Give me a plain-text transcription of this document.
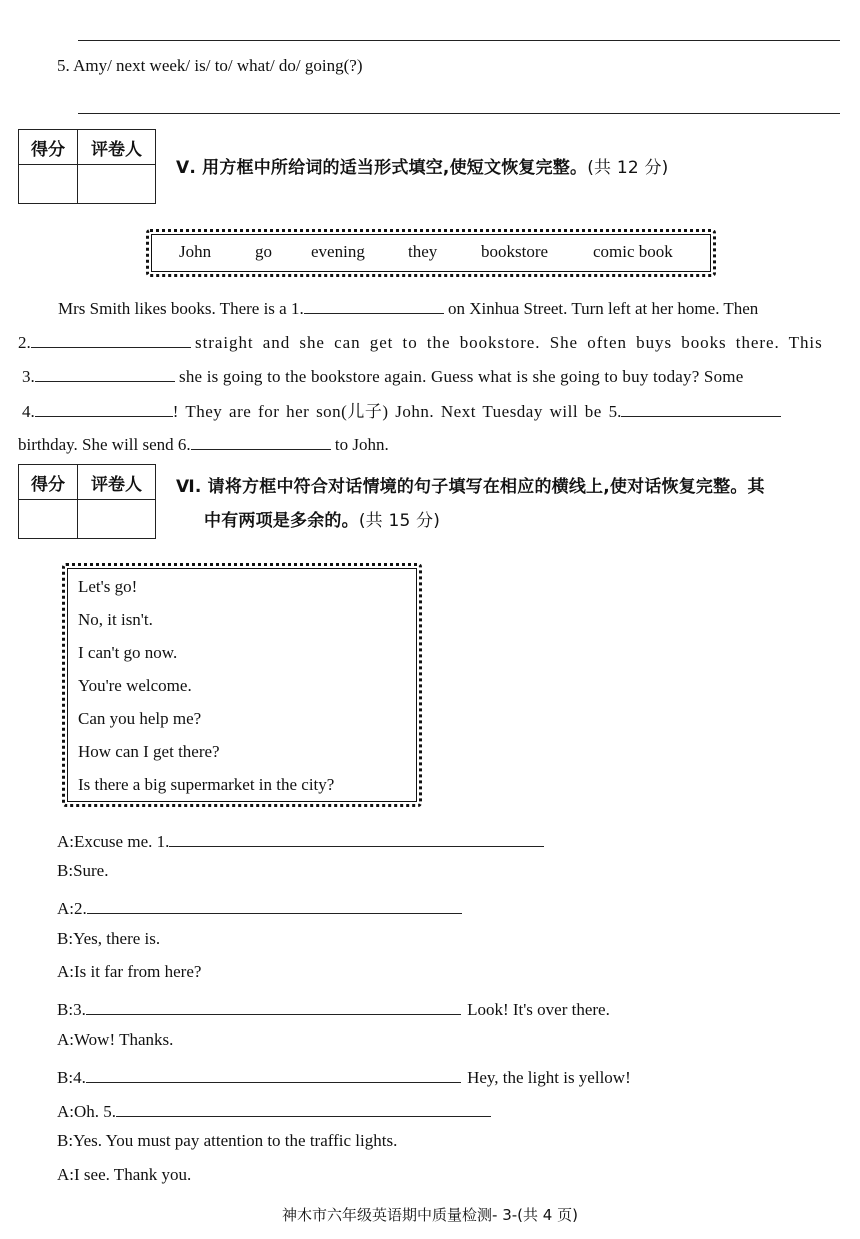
5. Amy/ next week/ is/ to/ what/ do/ going(?)
得分	评卷人

Ⅴ. 用方框中所给词的适当形式填空,使短文恢复完整。(共 12 分)
John	go evening	they	bookstore	comic book
Mrs Smith likes books. There is a 1.	on Xinhua Street. Turn left at her home. Then
2.	straight and she can get to the bookstore. She often buys books there. This
3.	she is going to the bookstore again. Guess what is she going to buy today? Some
4.	! They are for her son(儿子) John. Next Tuesday will be 5.
birthday. She will send 6.	to John.
得分	评卷人
	Ⅵ. 请将方框中符合对话情境的句子填写在相应的横线上,使对话恢复完整。其
中有两项是多余的。(共 15 分)
Let's go!
No, it isn't.
I can't go now.
You're welcome.
Can you help me?
How can I get there?
Is there a big supermarket in the city?
A:Excuse me. 1.
B:Sure.
A:2.
B:Yes, there is.
A:Is it far from here?
B:3.	Look! It's over there.
A:Wow! Thanks.
B:4.	Hey, the light is yellow!
A:Oh. 5.
B:Yes. You must pay attention to the traffic lights.
A:I see. Thank you.
神木市六年级英语期中质量检测- 3-(共 4 页)
